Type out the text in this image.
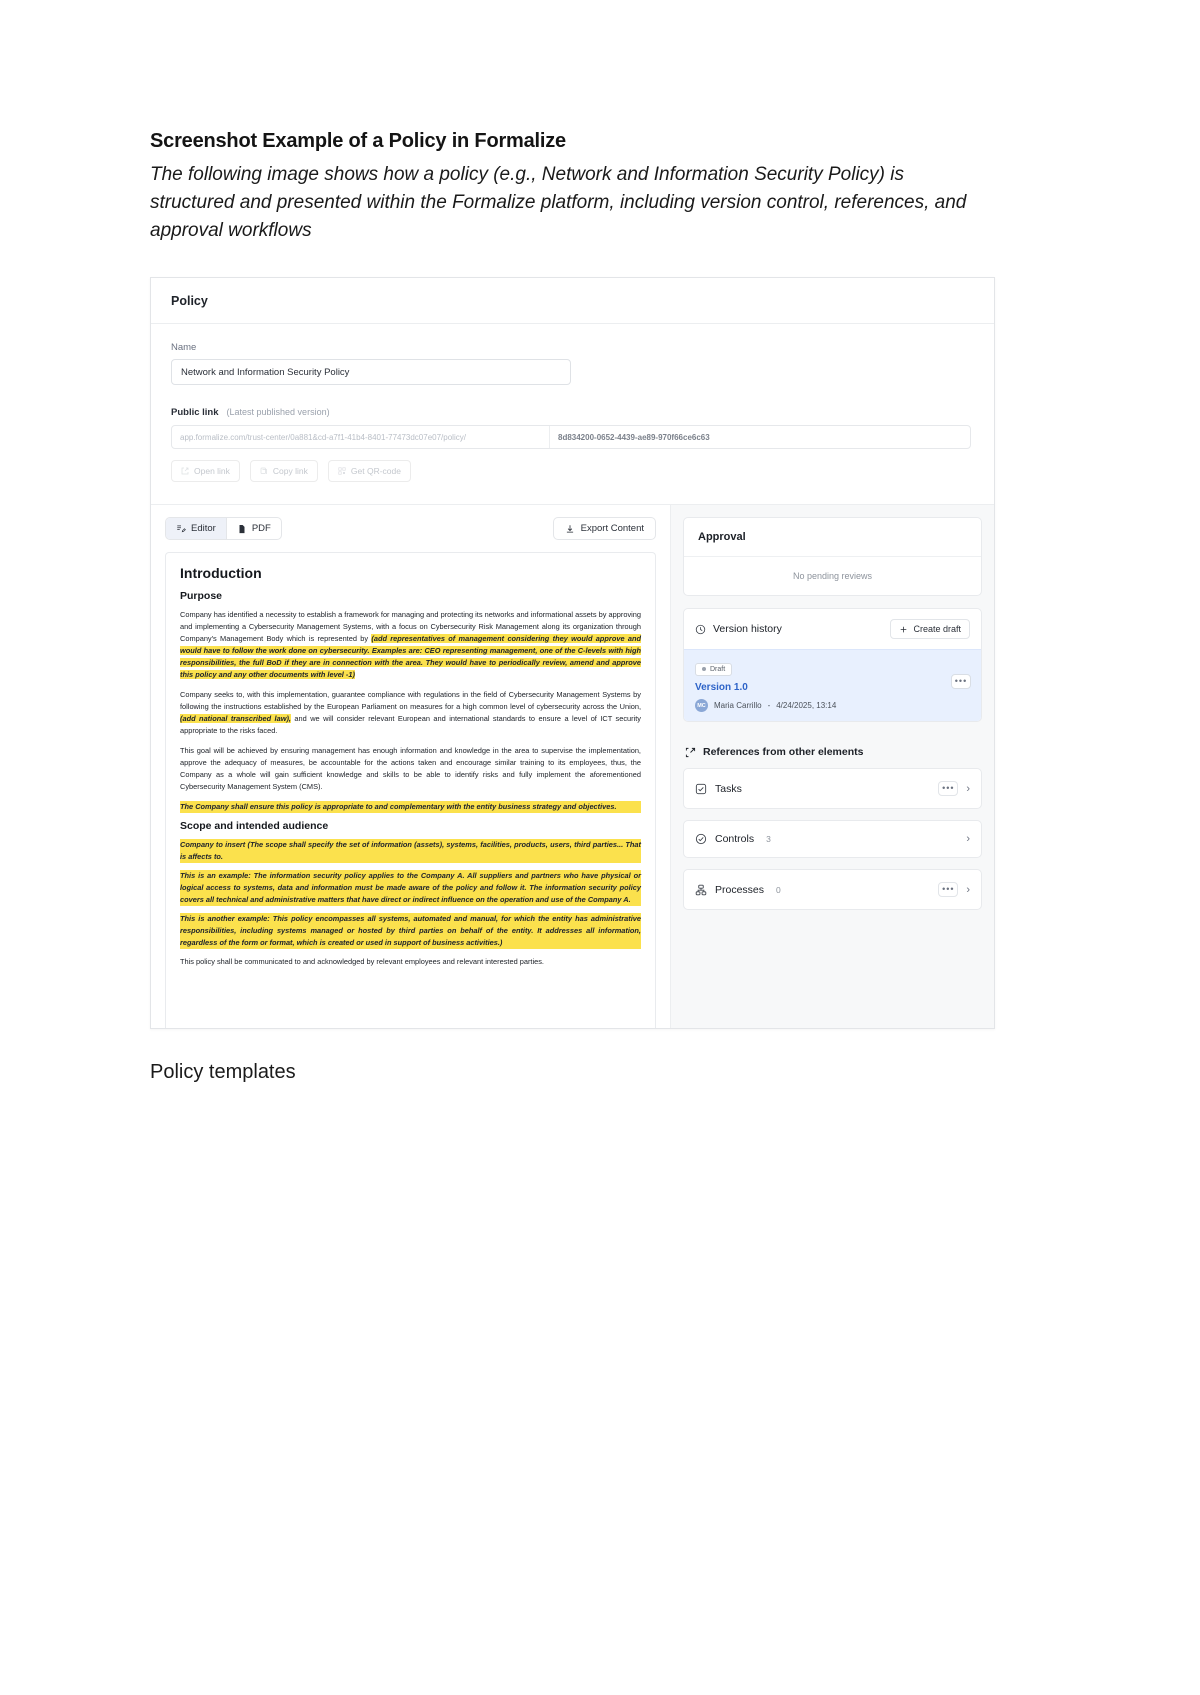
Screenshot Example of a Policy in Formalize

The following image shows how a policy (e.g., Network and Information Security Policy) is structured and presented within the Formalize platform, including version control, references, and approval workflows

Policy
Name
Network and Information Security Policy
Public link (Latest published version)
app.formalize.com/trust-center/0a881&cd-a7f1-41b4-8401-77473dc07e07/policy/	8d834200-0652-4439-ae89-970f66ce6c63
Open link	Copy link	Get QR-code
Editor	PDF	Export Content
Introduction
Purpose

Company has identified a necessity to establish a framework for managing and protecting its networks and informational assets by approving and implementing a Cybersecurity Management Systems, with a focus on Cybersecurity Risk Management along its organization through Company's Management Body which is represented by (add representatives of management considering they would approve and would have to follow the work done on cybersecurity. Examples are: CEO representing management, one of the C-levels with high responsibilities, the full BoD if they are in connection with the area. They would have to periodically review, amend and approve this policy and any other documents with level -1)

Company seeks to, with this implementation, guarantee compliance with regulations in the field of Cybersecurity Management Systems by following the instructions established by the European Parliament on measures for a high common level of cybersecurity across the Union, (add national transcribed law), and we will consider relevant European and international standards to ensure a level of ICT security appropriate to the risks faced.

This goal will be achieved by ensuring management has enough information and knowledge in the area to supervise the implementation, approve the adequacy of measures, be accountable for the actions taken and encourage similar training to its employees, thus, the Company as a whole will gain sufficient knowledge and skills to be able to identify risks and fully implement the aforementioned Cybersecurity Management System (CMS).

The Company shall ensure this policy is appropriate to and complementary with the entity business strategy and objectives.
Scope and intended audience
Company to insert (The scope shall specify the set of information (assets), systems, facilities, products, users, third parties... That is affects to.
This is an example: The information security policy applies to the Company A. All suppliers and partners who have physical or logical access to systems, data and information must be made aware of the policy and follow it. The information security policy covers all technical and administrative matters that have direct or indirect influence on the operation and use of the Company A.
This is another example: This policy encompasses all systems, automated and manual, for which the entity has administrative responsibilities, including systems managed or hosted by third parties on behalf of the entity. It addresses all information, regardless of the form or format, which is created or used in support of business activities.)

This policy shall be communicated to and acknowledged by relevant employees and relevant interested parties.

Approval
No pending reviews
Version history	Create draft
Draft
Version 1.0
MC Maria Carrillo - 4/24/2025, 13:14
•••
References from other elements
Tasks	•••	›
Controls 3	›
Processes 0	•••	›
Policy templates
